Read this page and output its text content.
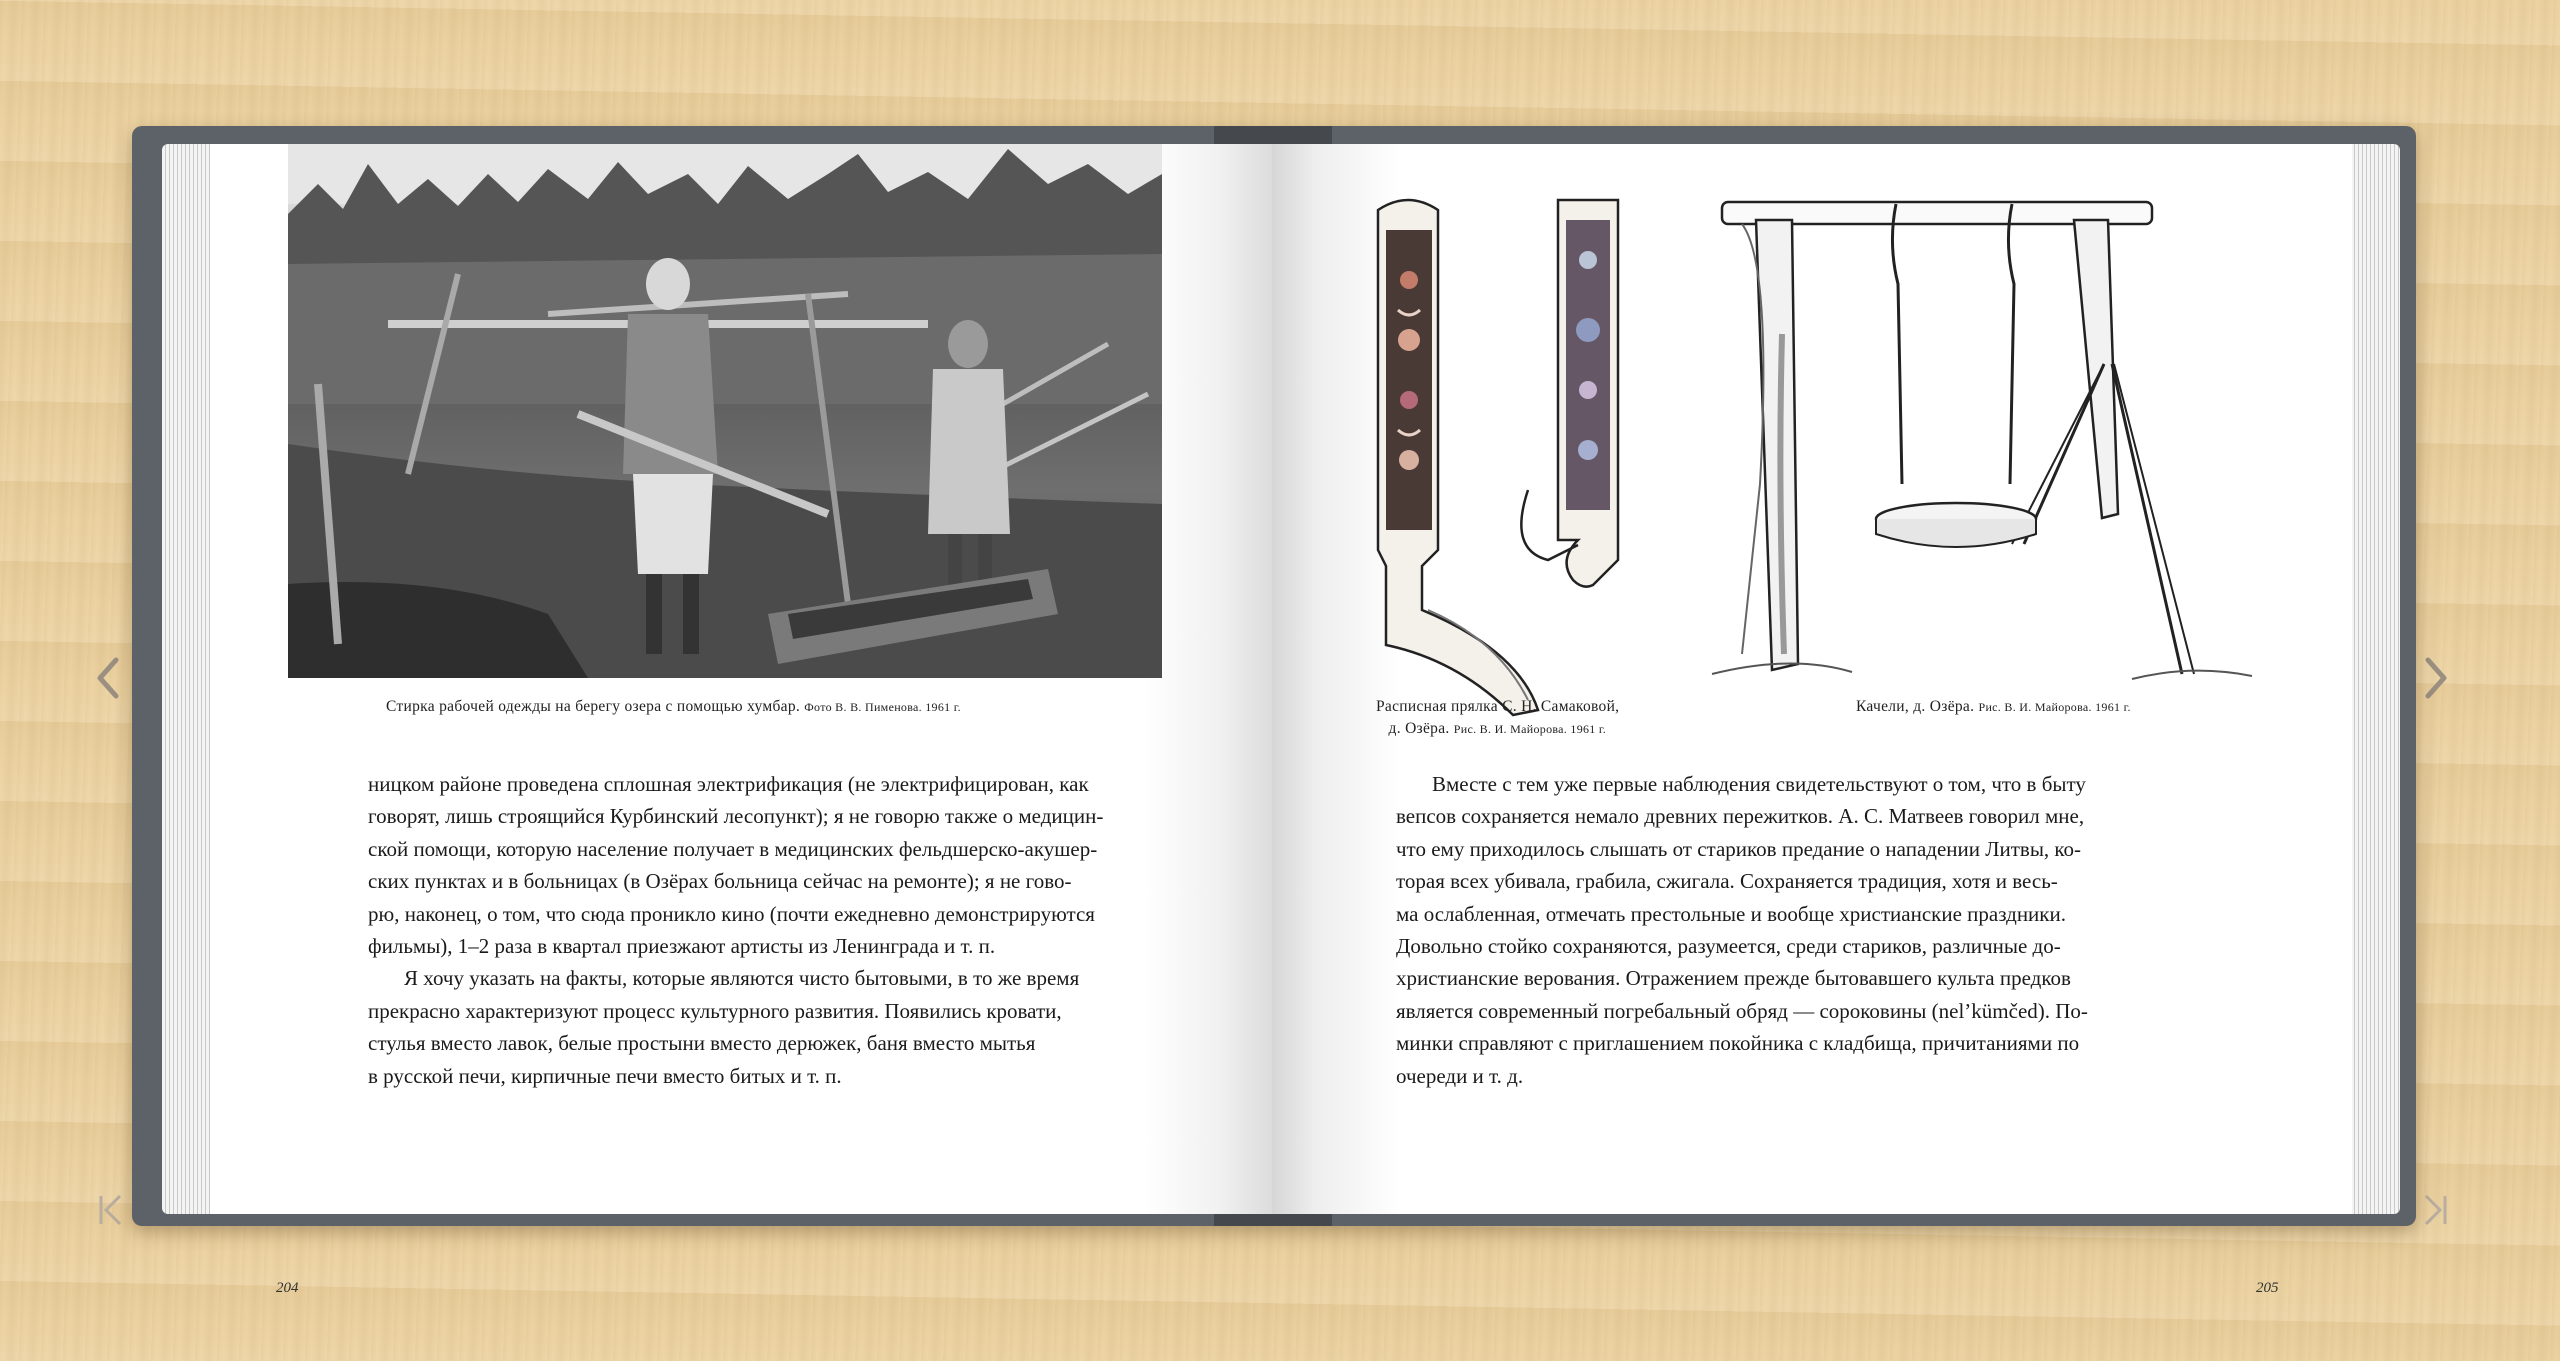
Стирка рабочей одежды на берегу озера с помощью хумбар. Фото В. В. Пименова. 1961 г.

ницком районе проведена сплошная электрификация (не электрифицирован, как
говорят, лишь строящийся Курбинский лесопункт); я не говорю также о медицин-
ской помощи, которую население получает в медицинских фельдшерско-акушер-
ских пунктах и в больницах (в Озёрах больница сейчас на ремонте); я не гово-
рю, наконец, о том, что сюда проникло кино (почти ежедневно демонстрируются
фильмы), 1–2 раза в квартал приезжают артисты из Ленинграда и т. п.

Я хочу указать на факты, которые являются чисто бытовыми, в то же время
прекрасно характеризуют процесс культурного развития. Появились кровати,
стулья вместо лавок, белые простыни вместо дерюжек, баня вместо мытья
в русской печи, кирпичные печи вместо битых и т. п.

204
Расписная прялка С. Н. Самаковой,
д. Озёра. Рис. В. И. Майорова. 1961 г.
Качели, д. Озёра. Рис. В. И. Майорова. 1961 г.

Вместе с тем уже первые наблюдения свидетельствуют о том, что в быту
вепсов сохраняется немало древних пережитков. А. С. Матвеев говорил мне,
что ему приходилось слышать от стариков предание о нападении Литвы, ко-
торая всех убивала, грабила, сжигала. Сохраняется традиция, хотя и весь-
ма ослабленная, отмечать престольные и вообще христианские праздники.
Довольно стойко сохраняются, разумеется, среди стариков, различные до-
христианские верования. Отражением прежде бытовавшего культа предков
является современный погребальный обряд — сороковины (nel’kümčed). По-
минки справляют с приглашением покойника с кладбища, причитаниями по
очереди и т. д.

205
